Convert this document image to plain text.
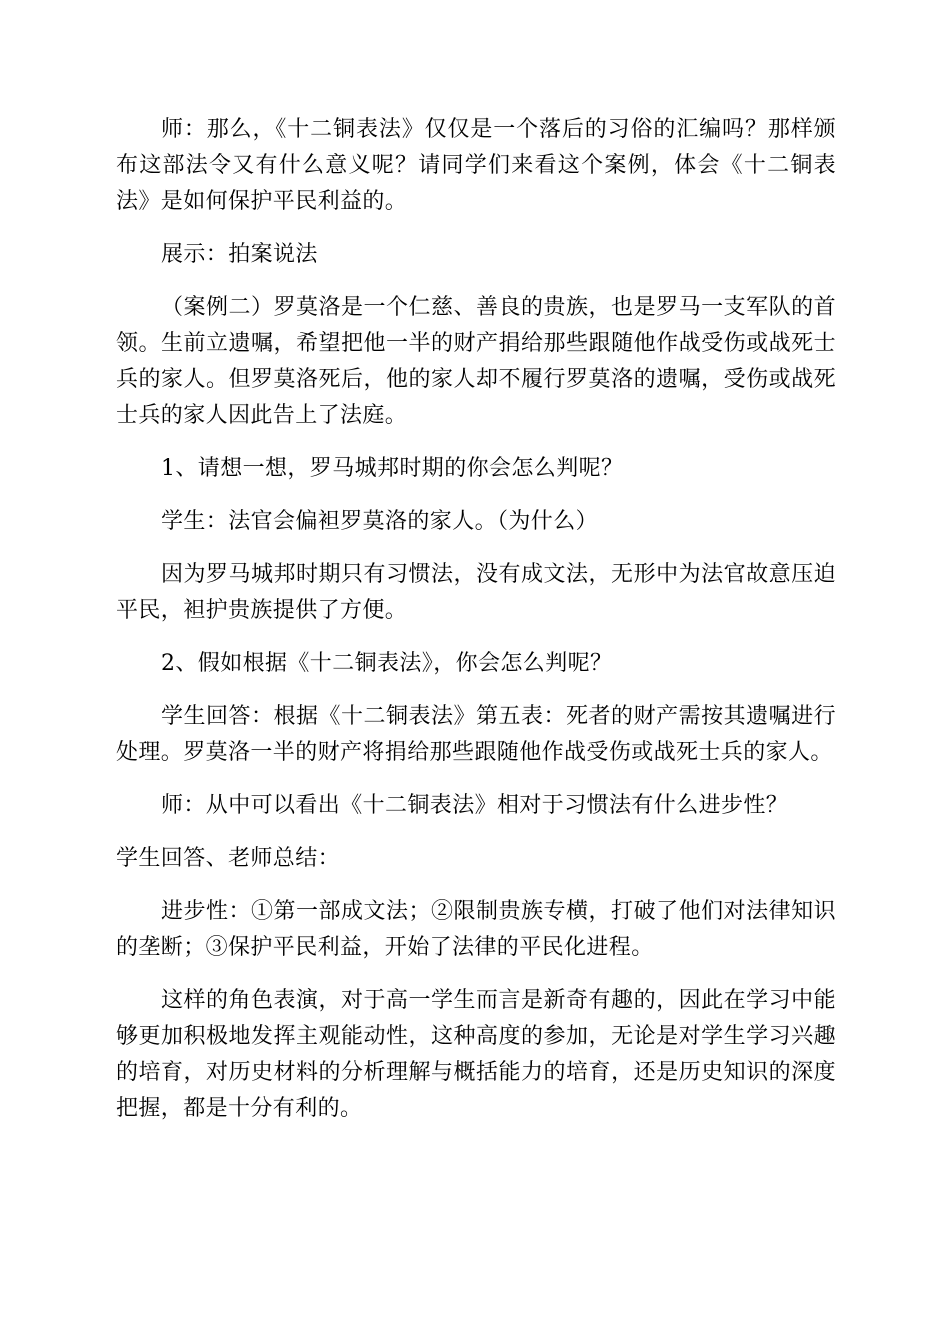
师：那么，《十二铜表法》仅仅是一个落后的习俗的汇编吗？那样颁布这部法令又有什么意义呢？请同学们来看这个案例，体会《十二铜表法》是如何保护平民利益的。

展示：拍案说法

（案例二）罗莫洛是一个仁慈、善良的贵族，也是罗马一支军队的首领。生前立遗嘱，希望把他一半的财产捐给那些跟随他作战受伤或战死士兵的家人。但罗莫洛死后，他的家人却不履行罗莫洛的遗嘱，受伤或战死士兵的家人因此告上了法庭。

1、请想一想，罗马城邦时期的你会怎么判呢？

学生：法官会偏袒罗莫洛的家人。（为什么）

因为罗马城邦时期只有习惯法，没有成文法，无形中为法官故意压迫平民，袒护贵族提供了方便。

2、假如根据《十二铜表法》，你会怎么判呢？

学生回答：根据《十二铜表法》第五表：死者的财产需按其遗嘱进行处理。罗莫洛一半的财产将捐给那些跟随他作战受伤或战死士兵的家人。

师：从中可以看出《十二铜表法》相对于习惯法有什么进步性？

学生回答、老师总结：

进步性：①第一部成文法；②限制贵族专横，打破了他们对法律知识的垄断；③保护平民利益，开始了法律的平民化进程。

这样的角色表演，对于高一学生而言是新奇有趣的，因此在学习中能够更加积极地发挥主观能动性，这种高度的参加，无论是对学生学习兴趣的培育，对历史材料的分析理解与概括能力的培育，还是历史知识的深度把握，都是十分有利的。
